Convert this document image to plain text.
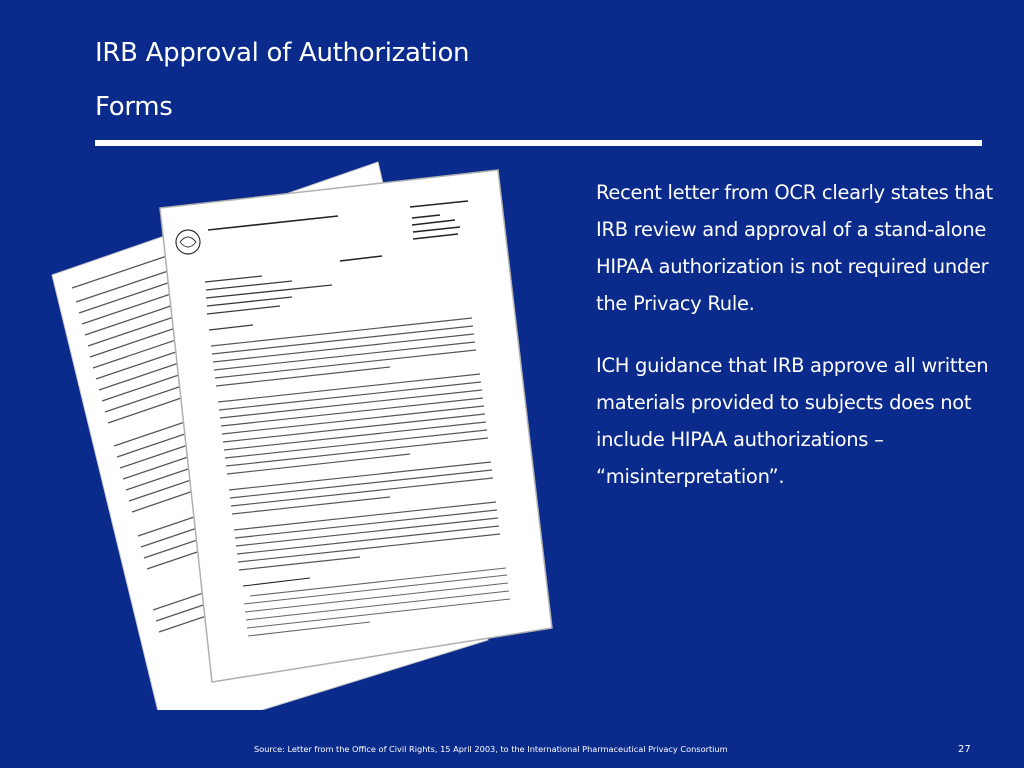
IRB Approval of Authorization
Forms

Recent letter from OCR clearly states that IRB review and approval of a stand-alone HIPAA authorization is not required under the Privacy Rule.

ICH guidance that IRB approve all written materials provided to subjects does not include HIPAA authorizations – “misinterpretation”.

Source: Letter from the Office of Civil Rights, 15 April 2003, to the International Pharmaceutical Privacy Consortium	27
